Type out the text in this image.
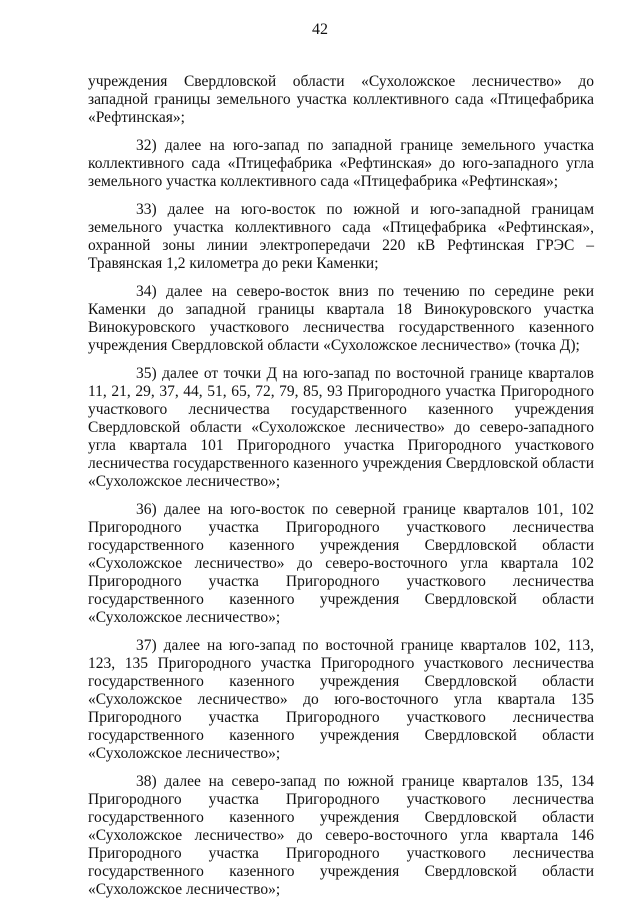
42

учреждения Свердловской области «Сухоложское лесничество» до западной границы земельного участка коллективного сада «Птицефабрика «Рефтинская»;

32) далее на юго-запад по западной границе земельного участка коллективного сада «Птицефабрика «Рефтинская» до юго-западного угла земельного участка коллективного сада «Птицефабрика «Рефтинская»;

33) далее на юго-восток по южной и юго-западной границам земельного участка коллективного сада «Птицефабрика «Рефтинская», охранной зоны линии электропередачи 220 кВ Рефтинская ГРЭС – Травянская 1,2 километра до реки Каменки;

34) далее на северо-восток вниз по течению по середине реки Каменки до западной границы квартала 18 Винокуровского участка Винокуровского участкового лесничества государственного казенного учреждения Свердловской области «Сухоложское лесничество» (точка Д);

35) далее от точки Д на юго-запад по восточной границе кварталов 11, 21, 29, 37, 44, 51, 65, 72, 79, 85, 93 Пригородного участка Пригородного участкового лесничества государственного казенного учреждения Свердловской области «Сухоложское лесничество» до северо-западного угла квартала 101 Пригородного участка Пригородного участкового лесничества государственного казенного учреждения Свердловской области «Сухоложское лесничество»;

36) далее на юго-восток по северной границе кварталов 101, 102 Пригородного участка Пригородного участкового лесничества государственного казенного учреждения Свердловской области «Сухоложское лесничество» до северо-восточного угла квартала 102 Пригородного участка Пригородного участкового лесничества государственного казенного учреждения Свердловской области «Сухоложское лесничество»;

37) далее на юго-запад по восточной границе кварталов 102, 113, 123, 135 Пригородного участка Пригородного участкового лесничества государственного казенного учреждения Свердловской области «Сухоложское лесничество» до юго-восточного угла квартала 135 Пригородного участка Пригородного участкового лесничества государственного казенного учреждения Свердловской области «Сухоложское лесничество»;

38) далее на северо-запад по южной границе кварталов 135, 134 Пригородного участка Пригородного участкового лесничества государственного казенного учреждения Свердловской области «Сухоложское лесничество» до северо-восточного угла квартала 146 Пригородного участка Пригородного участкового лесничества государственного казенного учреждения Свердловской области «Сухоложское лесничество»;
